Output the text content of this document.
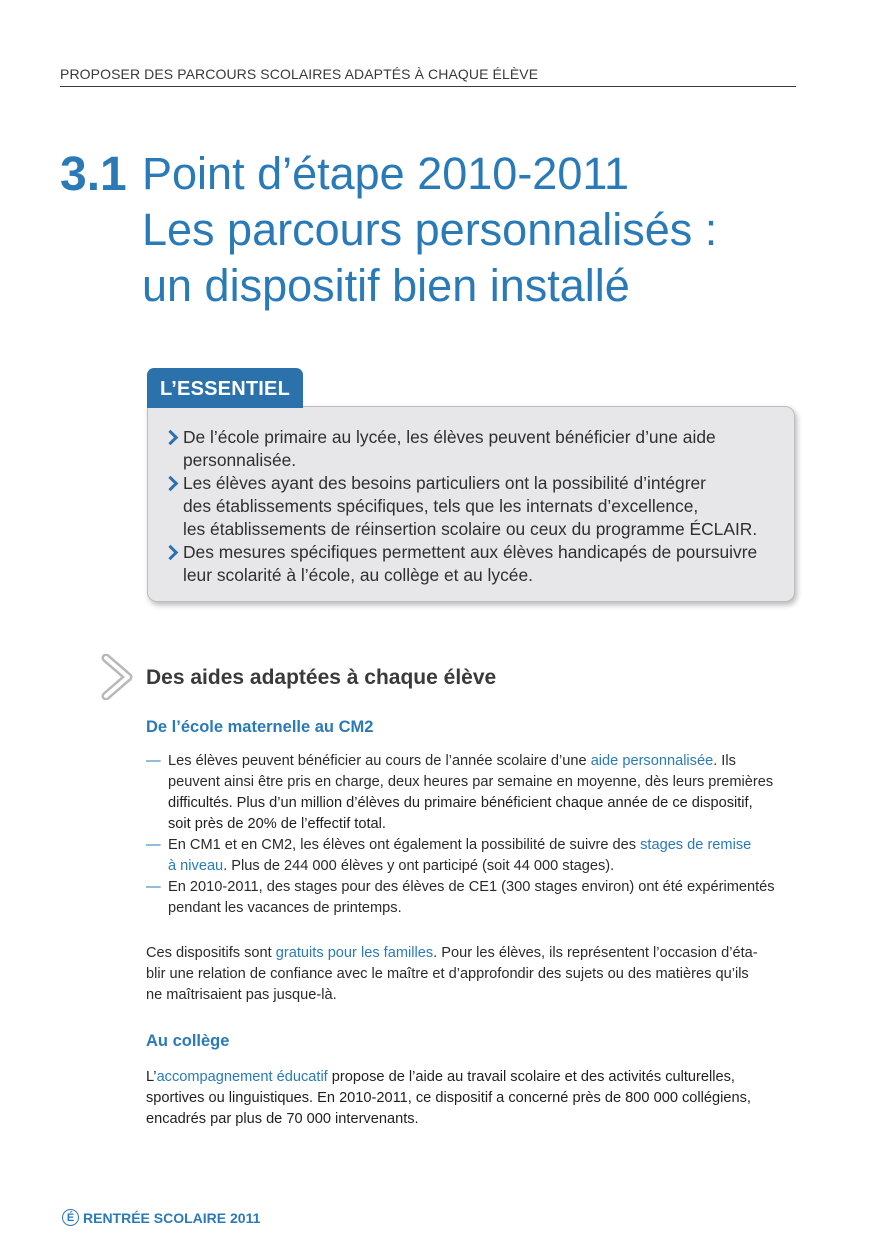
PROPOSER DES PARCOURS SCOLAIRES ADAPTÉS À CHAQUE ÉLÈVE
3.1 Point d’étape 2010-2011
Les parcours personnalisés :
un dispositif bien installé
L’ESSENTIEL
De l’école primaire au lycée, les élèves peuvent bénéficier d’une aide
personnalisée.
Les élèves ayant des besoins particuliers ont la possibilité d’intégrer
des établissements spécifiques, tels que les internats d’excellence,
les établissements de réinsertion scolaire ou ceux du programme ÉCLAIR.
Des mesures spécifiques permettent aux élèves handicapés de poursuivre
leur scolarité à l’école, au collège et au lycée.
Des aides adaptées à chaque élève
De l’école maternelle au CM2
— Les élèves peuvent bénéficier au cours de l’année scolaire d’une aide personnalisée. Ils
peuvent ainsi être pris en charge, deux heures par semaine en moyenne, dès leurs premières
difficultés. Plus d’un million d’élèves du primaire bénéficient chaque année de ce dispositif,
soit près de 20% de l’effectif total.
— En CM1 et en CM2, les élèves ont également la possibilité de suivre des stages de remise
à niveau. Plus de 244 000 élèves y ont participé (soit 44 000 stages).
— En 2010-2011, des stages pour des élèves de CE1 (300 stages environ) ont été expérimentés
pendant les vacances de printemps.
Ces dispositifs sont gratuits pour les familles. Pour les élèves, ils représentent l’occasion d’éta-
blir une relation de confiance avec le maître et d’approfondir des sujets ou des matières qu’ils
ne maîtrisaient pas jusque-là.
Au collège
L’accompagnement éducatif propose de l’aide au travail scolaire et des activités culturelles,
sportives ou linguistiques. En 2010-2011, ce dispositif a concerné près de 800 000 collégiens,
encadrés par plus de 70 000 intervenants.
É RENTRÉE SCOLAIRE 2011
